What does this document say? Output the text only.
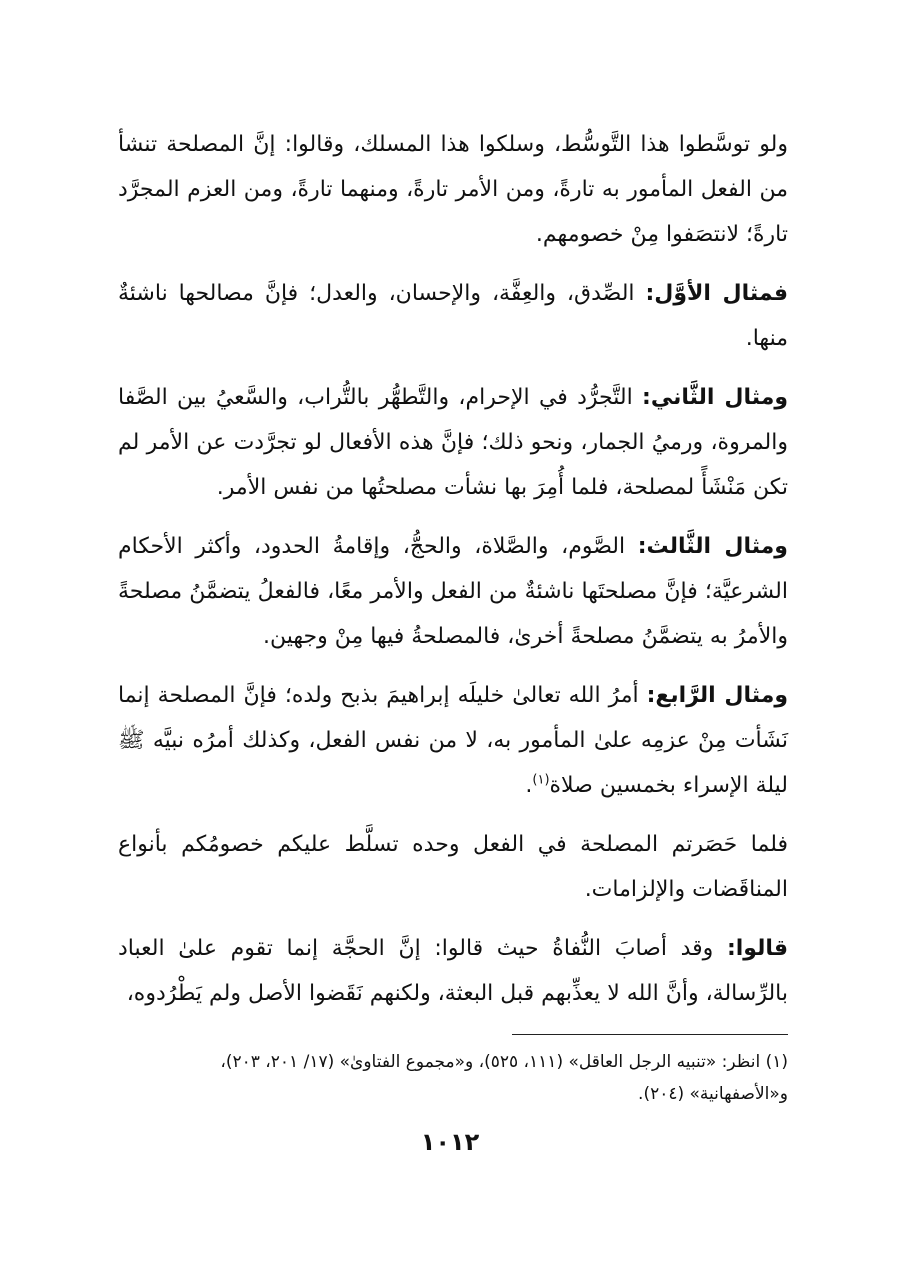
ولو توسَّطوا هذا التَّوسُّط، وسلكوا هذا المسلك، وقالوا: إنَّ المصلحة تنشأ من الفعل المأمور به تارةً، ومن الأمر تارةً، ومنهما تارةً، ومن العزم المجرَّد تارةً؛ لانتصَفوا مِنْ خصومهم.

فمثال الأوَّل: الصِّدق، والعِفَّة، والإحسان، والعدل؛ فإنَّ مصالحها ناشئةٌ منها.

ومثال الثَّاني: التَّجرُّد في الإحرام، والتَّطهُّر بالتُّراب، والسَّعيُ بين الصَّفا والمروة، ورميُ الجمار، ونحو ذلك؛ فإنَّ هذه الأفعال لو تجرَّدت عن الأمر لم تكن مَنْشَأً لمصلحة، فلما أُمِرَ بها نشأت مصلحتُها من نفس الأمر.

ومثال الثَّالث: الصَّوم، والصَّلاة، والحجُّ، وإقامةُ الحدود، وأكثر الأحكام الشرعيَّة؛ فإنَّ مصلحتَها ناشئةٌ من الفعل والأمر معًا، فالفعلُ يتضمَّنُ مصلحةً والأمرُ به يتضمَّنُ مصلحةً أخرىٰ، فالمصلحةُ فيها مِنْ وجهين.

ومثال الرَّابع: أمرُ الله تعالىٰ خليلَه إبراهيمَ بذبح ولده؛ فإنَّ المصلحة إنما نَشَأت مِنْ عزمِه علىٰ المأمور به، لا من نفس الفعل، وكذلك أمرُه نبيَّه ﷺ ليلة الإسراء بخمسين صلاة$^{(١)}$.

فلما حَصَرتم المصلحة في الفعل وحده تسلَّط عليكم خصومُكم بأنواع المناقَضات والإلزامات.

قالوا: وقد أصابَ النُّفاةُ حيث قالوا: إنَّ الحجَّة إنما تقوم علىٰ العباد بالرِّسالة، وأنَّ الله لا يعذِّبهم قبل البعثة، ولكنهم نَقَضوا الأصل ولم يَطْرُدوه،

(١) انظر: «تنبيه الرجل العاقل» (١١١، ٥٢٥)، و«مجموع الفتاوىٰ» (١٧/ ٢٠١، ٢٠٣)،
و«الأصفهانية» (٢٠٤).
١٠١٢
